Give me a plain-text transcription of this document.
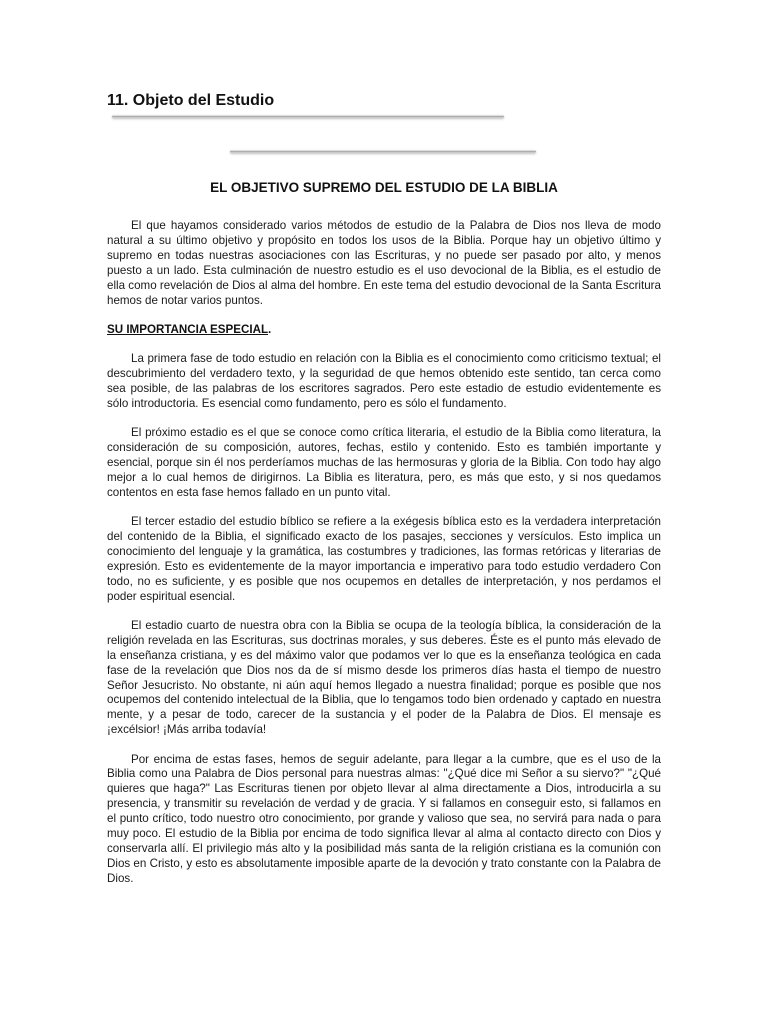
11. Objeto del Estudio
EL OBJETIVO SUPREMO DEL ESTUDIO DE LA BIBLIA

El que hayamos considerado varios métodos de estudio de la Palabra de Dios nos lleva de modo natural a su último objetivo y propósito en todos los usos de la Biblia. Porque hay un objetivo último y supremo en todas nuestras asociaciones con las Escrituras, y no puede ser pasado por alto, y menos puesto a un lado. Esta culminación de nuestro estudio es el uso devocional de la Biblia, es el estudio de ella como revelación de Dios al alma del hombre. En este tema del estudio devocional de la Santa Escritura hemos de notar varios puntos.

SU IMPORTANCIA ESPECIAL.

La primera fase de todo estudio en relación con la Biblia es el conocimiento como criticismo textual; el descubrimiento del verdadero texto, y la seguridad de que hemos obtenido este sentido, tan cerca como sea posible, de las palabras de los escritores sagrados. Pero este estadio de estudio evidentemente es sólo introductoria. Es esencial como fundamento, pero es sólo el fundamento.

El próximo estadio es el que se conoce como crítica literaria, el estudio de la Biblia como literatura, la consideración de su composición, autores, fechas, estilo y contenido. Esto es también importante y esencial, porque sin él nos perderíamos muchas de las hermosuras y gloria de la Biblia. Con todo hay algo mejor a lo cual hemos de dirigirnos. La Biblia es literatura, pero, es más que esto, y si nos quedamos contentos en esta fase hemos fallado en un punto vital.

El tercer estadio del estudio bíblico se refiere a la exégesis bíblica esto es la verdadera interpretación del contenido de la Biblia, el significado exacto de los pasajes, secciones y versículos. Esto implica un conocimiento del lenguaje y la gramática, las costumbres y tradiciones, las formas retóricas y literarias de expresión. Esto es evidentemente de la mayor importancia e imperativo para todo estudio verdadero Con todo, no es suficiente, y es posible que nos ocupemos en detalles de interpretación, y nos perdamos el poder espiritual esencial.

El estadio cuarto de nuestra obra con la Biblia se ocupa de la teología bíblica, la consideración de la religión revelada en las Escrituras, sus doctrinas morales, y sus deberes. Éste es el punto más elevado de la enseñanza cristiana, y es del máximo valor que podamos ver lo que es la enseñanza teológica en cada fase de la revelación que Dios nos da de sí mismo desde los primeros días hasta el tiempo de nuestro Señor Jesucristo. No obstante, ni aún aquí hemos llegado a nuestra finalidad; porque es posible que nos ocupemos del contenido intelectual de la Biblia, que lo tengamos todo bien ordenado y captado en nuestra mente, y a pesar de todo, carecer de la sustancia y el poder de la Palabra de Dios. El mensaje es ¡excélsior! ¡Más arriba todavía!

Por encima de estas fases, hemos de seguir adelante, para llegar a la cumbre, que es el uso de la Biblia como una Palabra de Dios personal para nuestras almas: "¿Qué dice mi Señor a su siervo?" "¿Qué quieres que haga?" Las Escrituras tienen por objeto llevar al alma directamente a Dios, introducirla a su presencia, y transmitir su revelación de verdad y de gracia. Y si fallamos en conseguir esto, si fallamos en el punto crítico, todo nuestro otro conocimiento, por grande y valioso que sea, no servirá para nada o para muy poco. El estudio de la Biblia por encima de todo significa llevar al alma al contacto directo con Dios y conservarla allí. El privilegio más alto y la posibilidad más santa de la religión cristiana es la comunión con Dios en Cristo, y esto es absolutamente imposible aparte de la devoción y trato constante con la Palabra de Dios.
